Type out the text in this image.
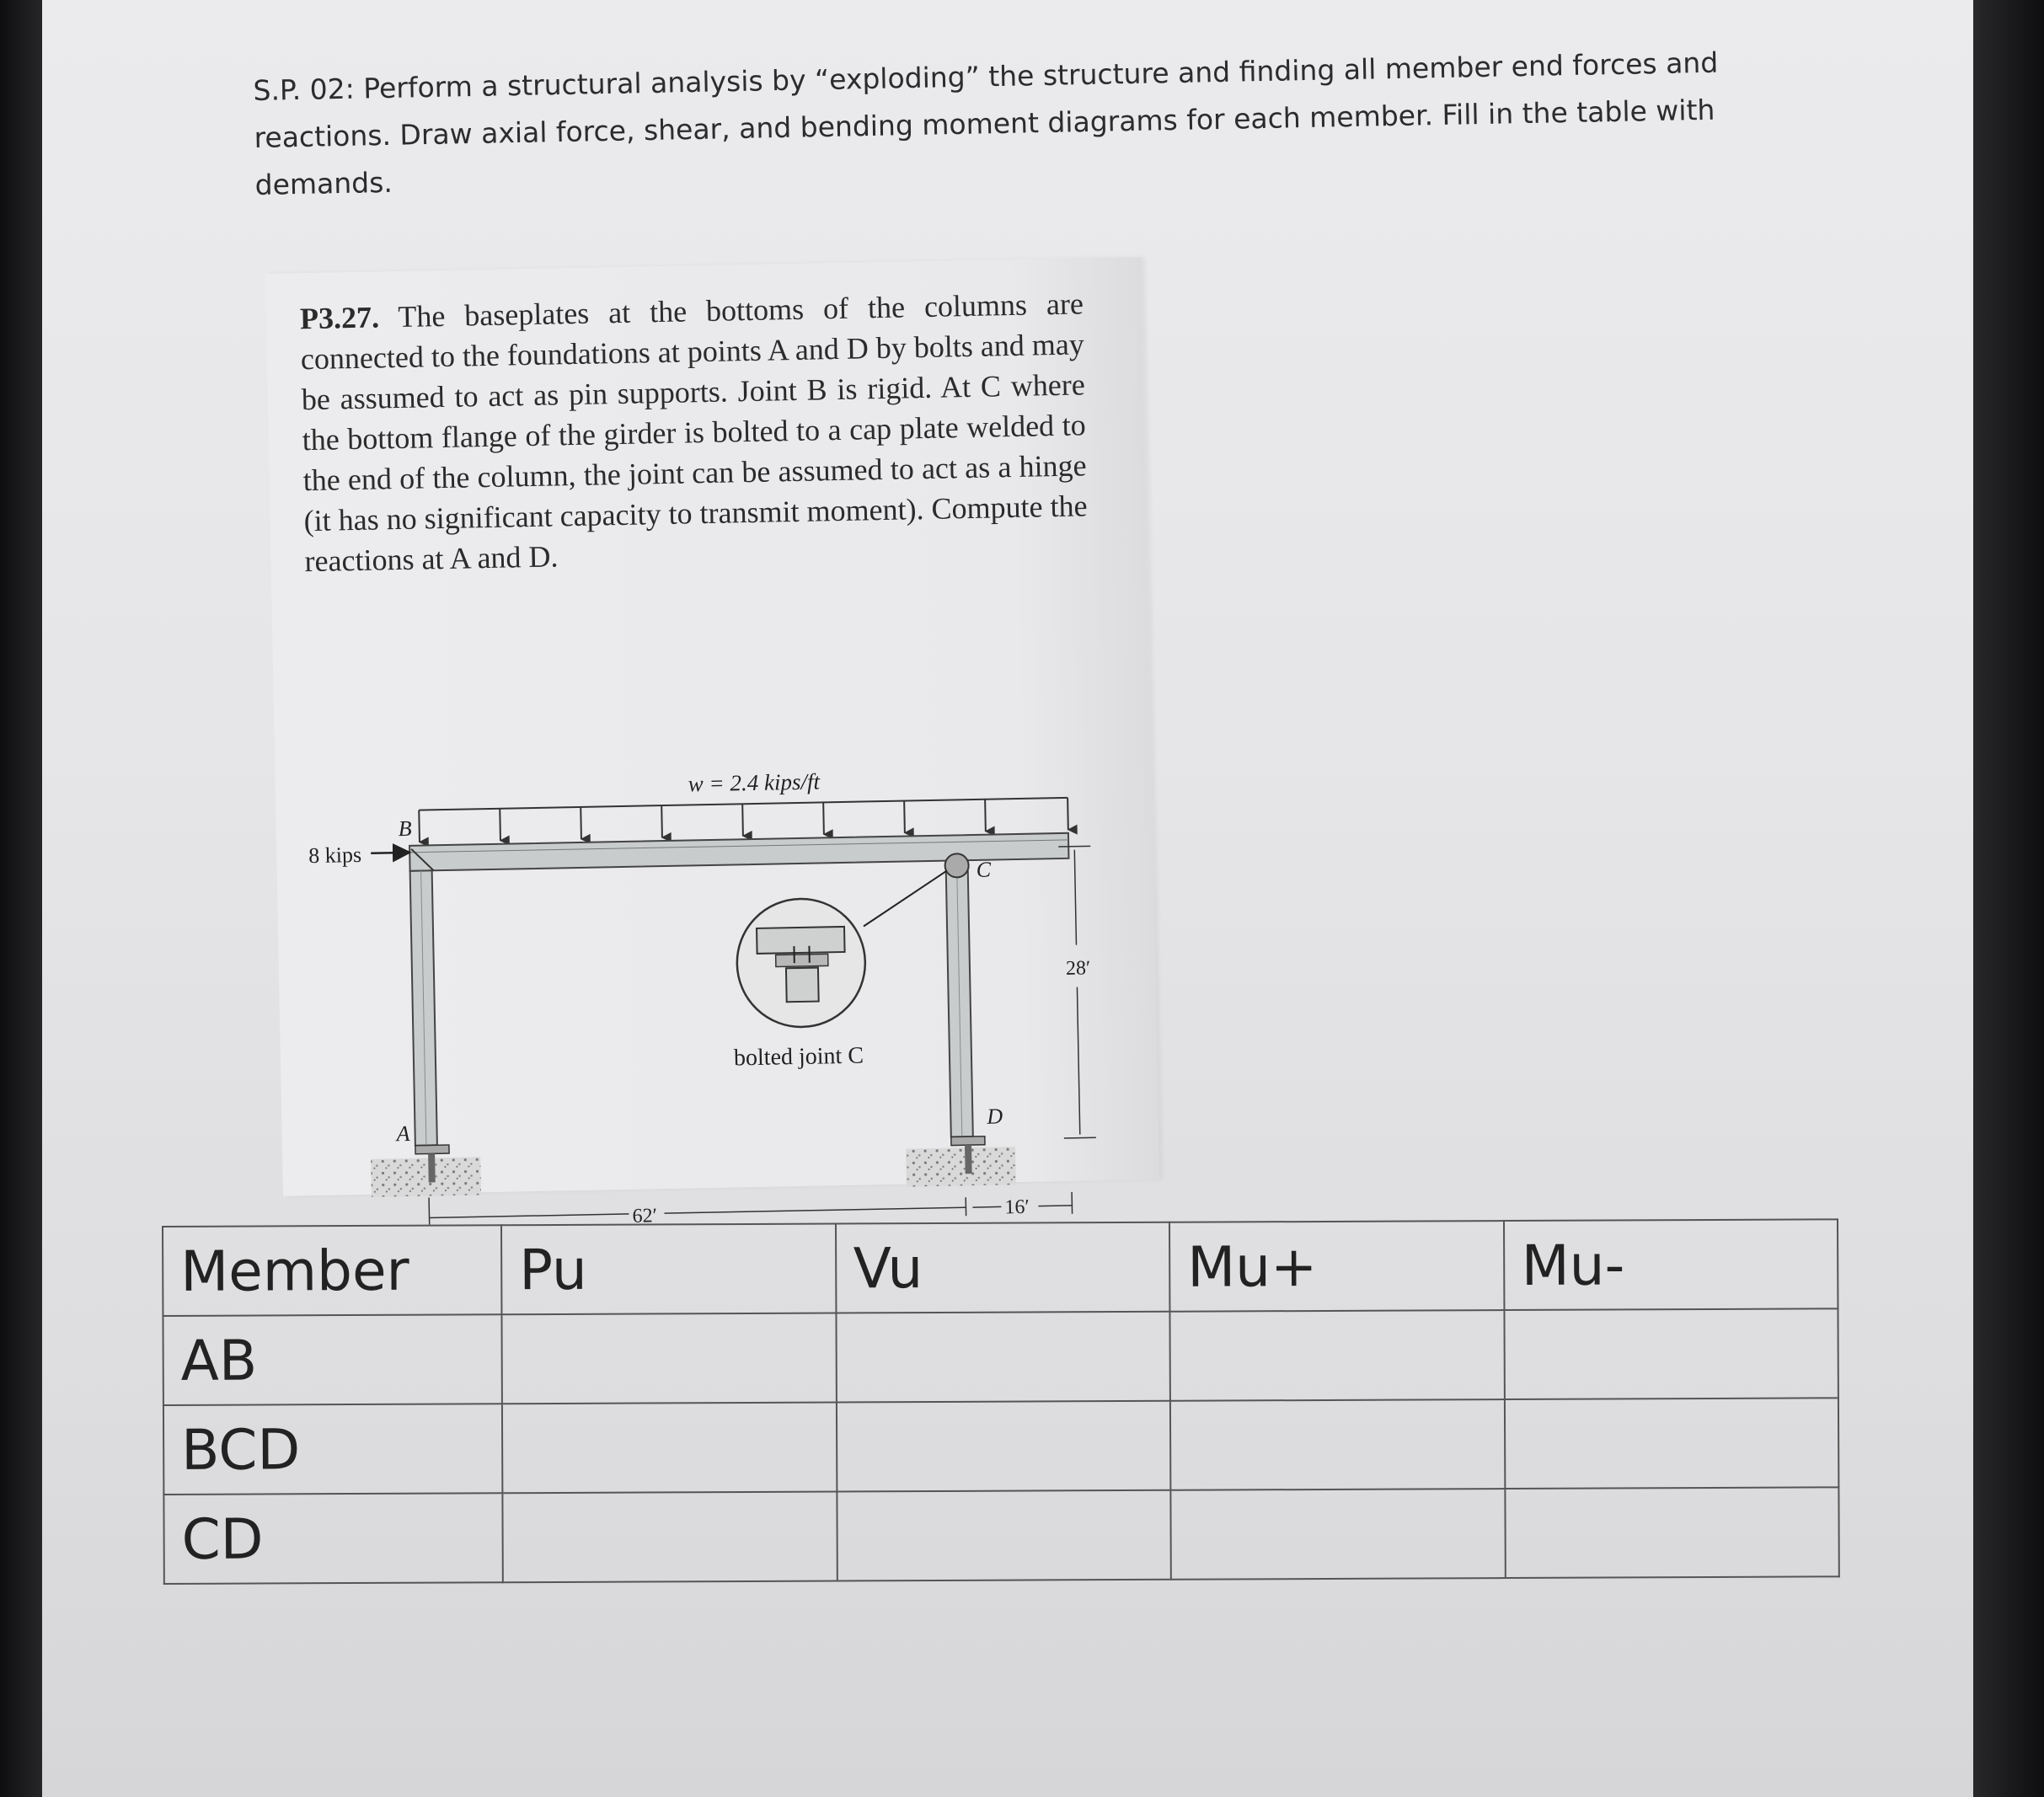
S.P. 02: Perform a structural analysis by “exploding” the structure and finding all member end forces and reactions. Draw axial force, shear, and bending moment diagrams for each member. Fill in the table with demands.

P3.27. The baseplates at the bottoms of the columns are connected to the foundations at points A and D by bolts and may be assumed to act as pin supports. Joint B is rigid. At C where the bottom flange of the girder is bolted to a cap plate welded to the end of the column, the joint can be assumed to act as a hinge (it has no significant capacity to transmit moment). Compute the reactions at A and D.

w = 2.4 kips/ft
8 kips
B
C
A
D
bolted joint C
28′
62′	16′
Member	Pu	Vu	Mu+	Mu-
AB				
BCD				
CD				
